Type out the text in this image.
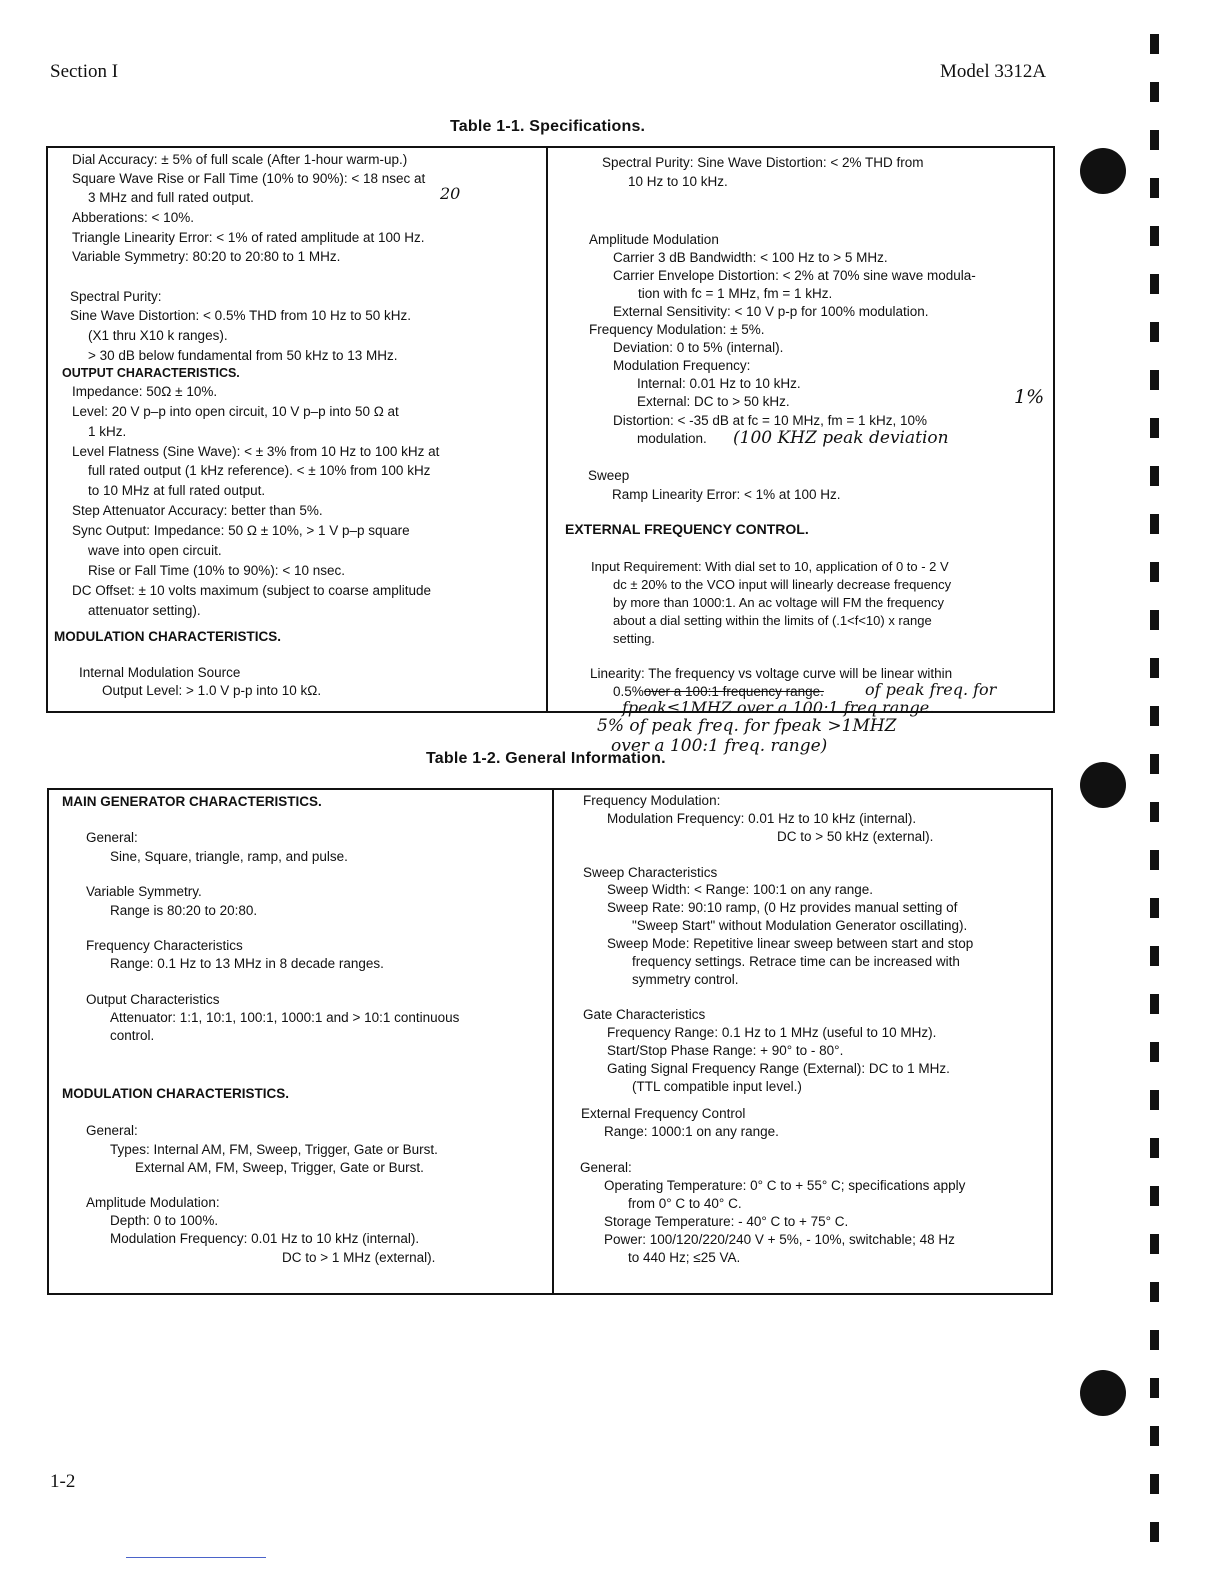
Section I	Model 3312A
Table 1-1. Specifications.
Dial Accuracy: ± 5% of full scale (After 1-hour warm-up.)
Square Wave Rise or Fall Time (10% to 90%): < 18 nsec at
3 MHz and full rated output.
Abberations: < 10%.
Triangle Linearity Error: < 1% of rated amplitude at 100 Hz.
Variable Symmetry: 80:20 to 20:80 to 1 MHz.
Spectral Purity:
Sine Wave Distortion: < 0.5% THD from 10 Hz to 50 kHz.
(X1 thru X10 k ranges).
> 30 dB below fundamental from 50 kHz to 13 MHz.
OUTPUT CHARACTERISTICS.
Impedance: 50Ω ± 10%.
Level: 20 V p–p into open circuit, 10 V p–p into 50 Ω at
1 kHz.
Level Flatness (Sine Wave): < ± 3% from 10 Hz to 100 kHz at
full rated output (1 kHz reference). < ± 10% from 100 kHz
to 10 MHz at full rated output.
Step Attenuator Accuracy: better than 5%.
Sync Output: Impedance: 50 Ω ± 10%, > 1 V p–p square
wave into open circuit.
Rise or Fall Time (10% to 90%): < 10 nsec.
DC Offset: ± 10 volts maximum (subject to coarse amplitude
attenuator setting).
MODULATION CHARACTERISTICS.
Internal Modulation Source
Output Level: > 1.0 V p-p into 10 kΩ.
Spectral Purity: Sine Wave Distortion: < 2% THD from
10 Hz to 10 kHz.
Amplitude Modulation
Carrier 3 dB Bandwidth: < 100 Hz to > 5 MHz.
Carrier Envelope Distortion: < 2% at 70% sine wave modula-
tion with fc = 1 MHz, fm = 1 kHz.
External Sensitivity: < 10 V p-p for 100% modulation.
Frequency Modulation: ± 5%.
Deviation: 0 to 5% (internal).
Modulation Frequency:
Internal: 0.01 Hz to 10 kHz.
External: DC to > 50 kHz.
Distortion: < -35 dB at fc = 10 MHz, fm = 1 kHz, 10%
modulation.
Sweep
Ramp Linearity Error: < 1% at 100 Hz.
EXTERNAL FREQUENCY CONTROL.
Input Requirement: With dial set to 10, application of 0 to - 2 V
dc ± 20% to the VCO input will linearly decrease frequency
by more than 1000:1. An ac voltage will FM the frequency
about a dial setting within the limits of (.1<f<10) x range
setting.
Linearity: The frequency vs voltage curve will be linear within
0.5%over a 100:1 frequency range.
20
1%
(100 KHZ peak deviation
of peak freq. for
fpeak≤1MHZ over a 100:1 freq range.
5% of peak freq. for fpeak >1MHZ
over a 100:1 freq. range)
Table 1-2. General Information.
MAIN GENERATOR CHARACTERISTICS.
General:
Sine, Square, triangle, ramp, and pulse.
Variable Symmetry.
Range is 80:20 to 20:80.
Frequency Characteristics
Range: 0.1 Hz to 13 MHz in 8 decade ranges.
Output Characteristics
Attenuator: 1:1, 10:1, 100:1, 1000:1 and > 10:1 continuous
control.
MODULATION CHARACTERISTICS.
General:
Types: Internal AM, FM, Sweep, Trigger, Gate or Burst.
External AM, FM, Sweep, Trigger, Gate or Burst.
Amplitude Modulation:
Depth: 0 to 100%.
Modulation Frequency: 0.01 Hz to 10 kHz (internal).
DC to > 1 MHz (external).
Frequency Modulation:
Modulation Frequency: 0.01 Hz to 10 kHz (internal).
DC to > 50 kHz (external).
Sweep Characteristics
Sweep Width: < Range: 100:1 on any range.
Sweep Rate: 90:10 ramp, (0 Hz provides manual setting of
"Sweep Start" without Modulation Generator oscillating).
Sweep Mode: Repetitive linear sweep between start and stop
frequency settings. Retrace time can be increased with
symmetry control.
Gate Characteristics
Frequency Range: 0.1 Hz to 1 MHz (useful to 10 MHz).
Start/Stop Phase Range: + 90° to - 80°.
Gating Signal Frequency Range (External): DC to 1 MHz.
(TTL compatible input level.)
External Frequency Control
Range: 1000:1 on any range.
General:
Operating Temperature: 0° C to + 55° C; specifications apply
from 0° C to 40° C.
Storage Temperature: - 40° C to + 75° C.
Power: 100/120/220/240 V + 5%, - 10%, switchable; 48 Hz
to 440 Hz; ≤25 VA.
1-2
